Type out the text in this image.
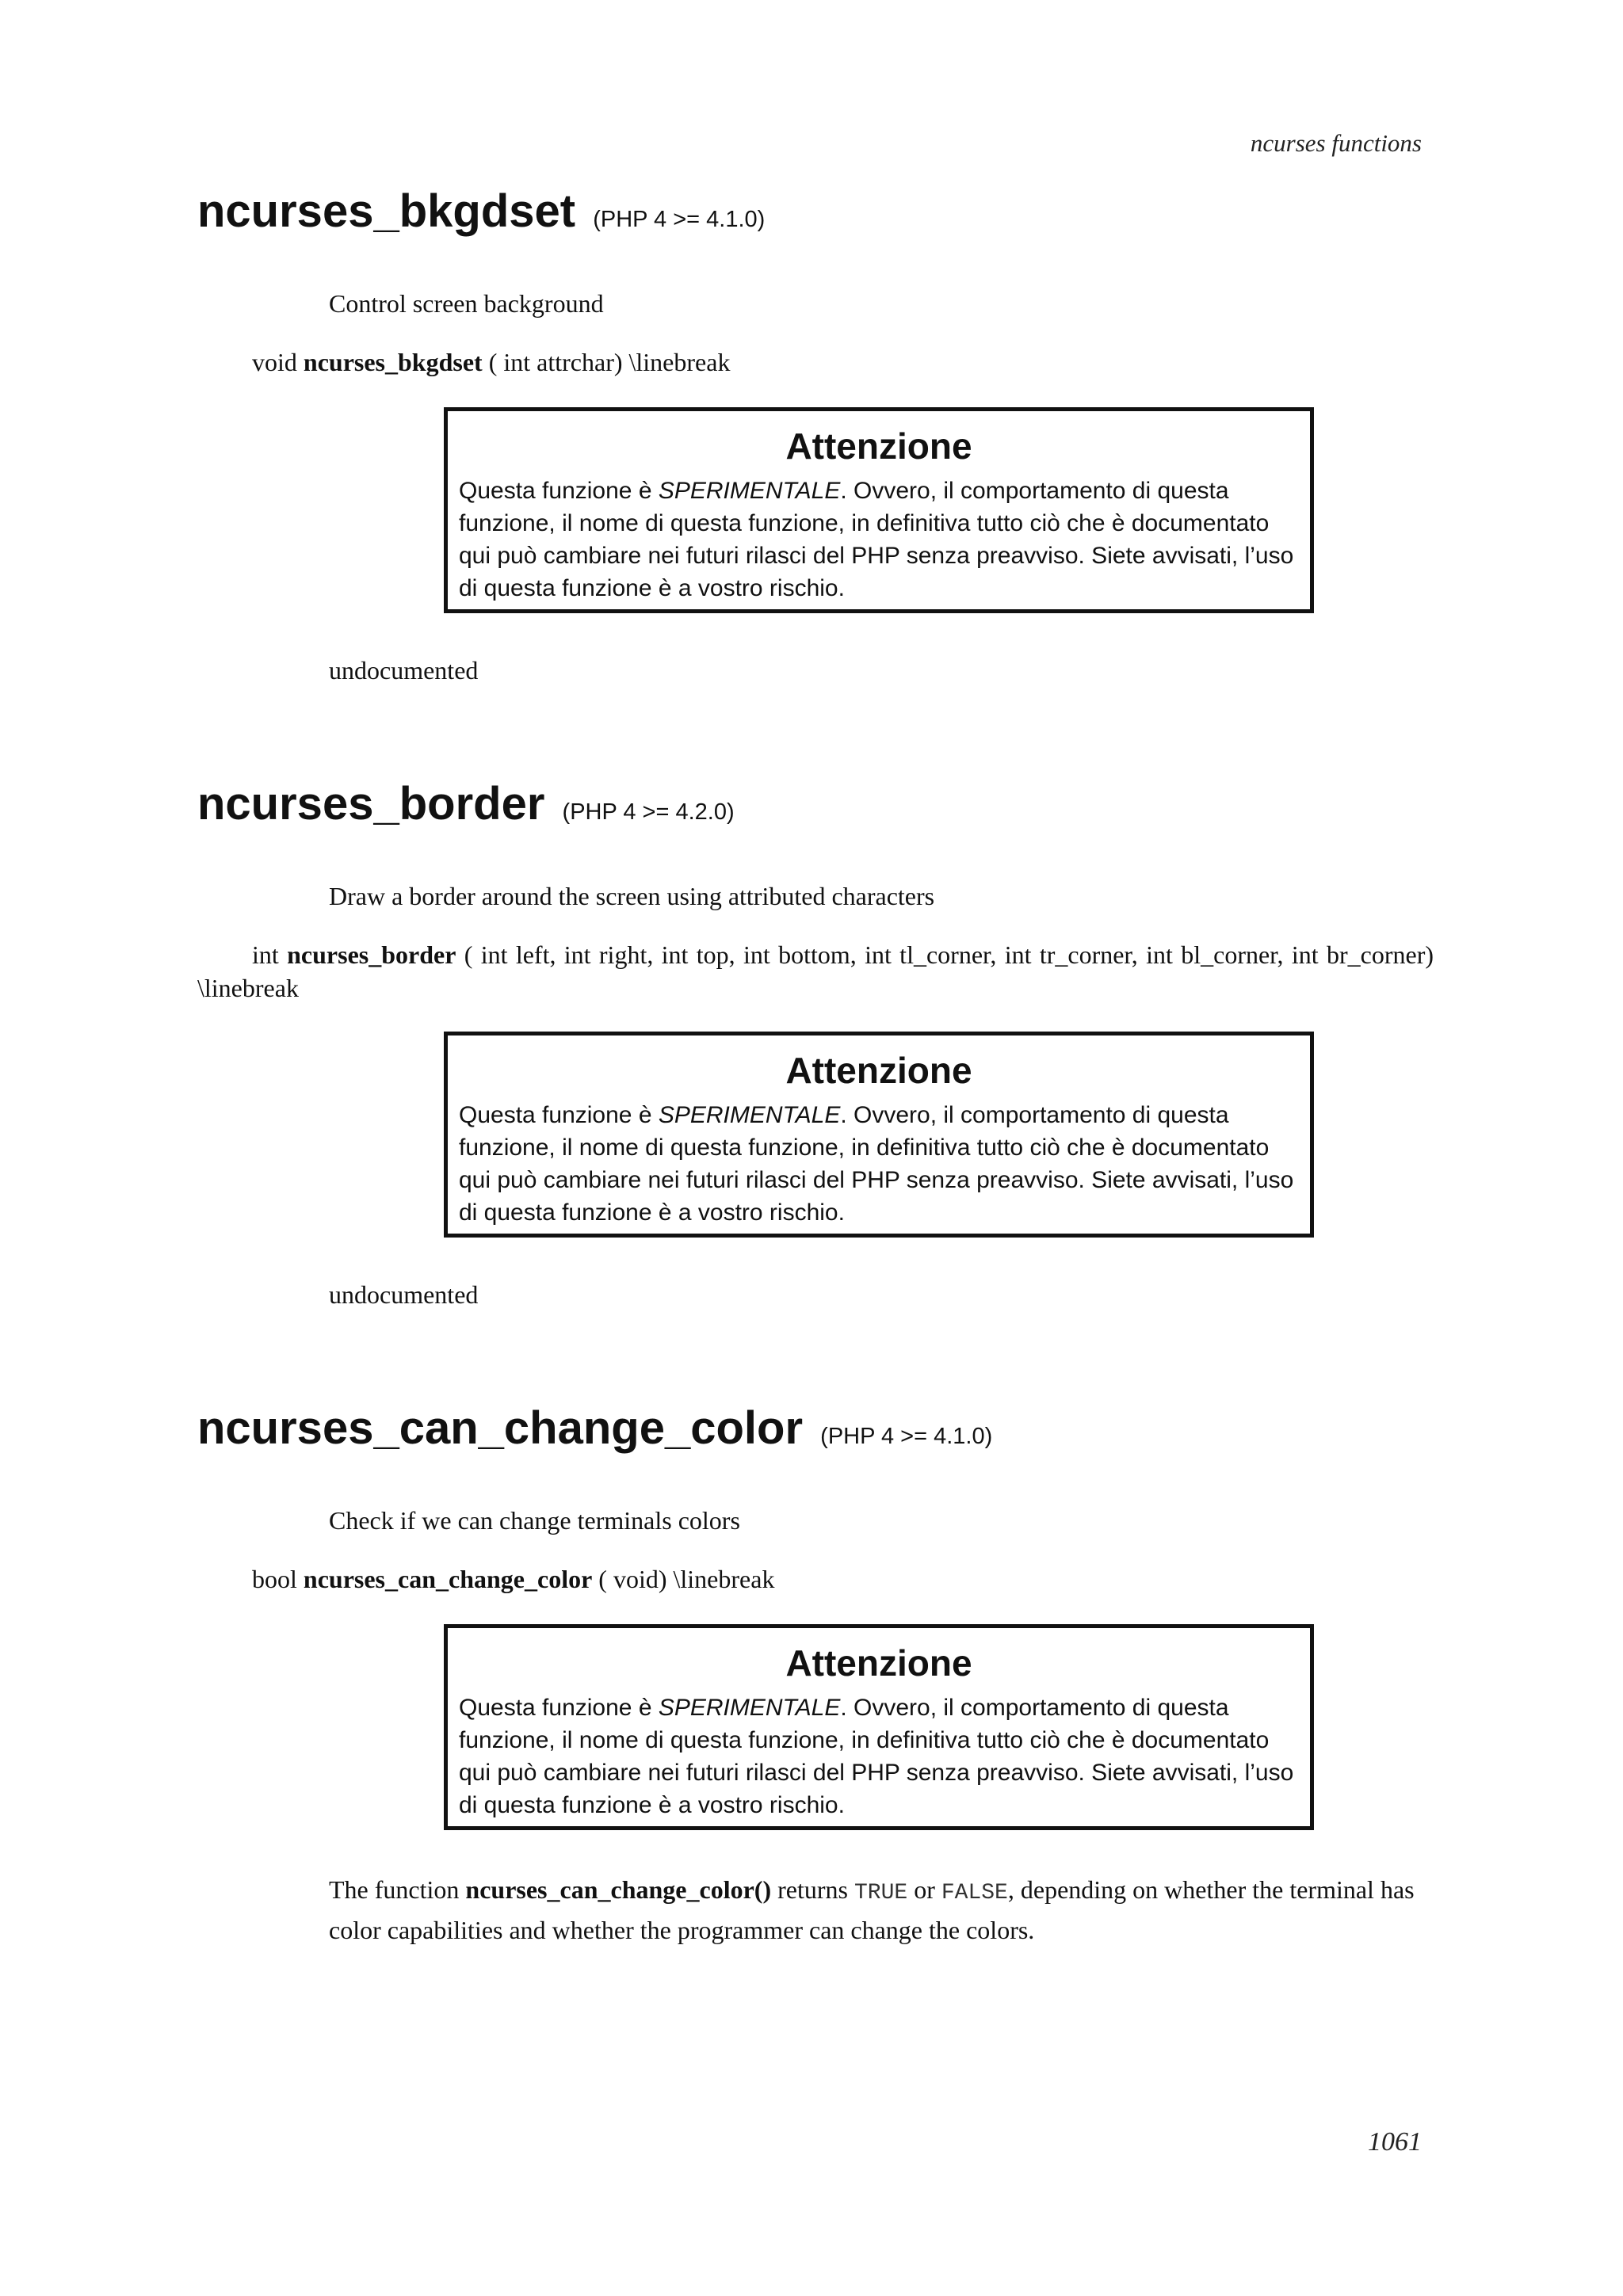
ncurses functions
ncurses_bkgdset (PHP 4 >= 4.1.0)
Control screen background
void ncurses_bkgdset ( int attrchar) \linebreak
Attenzione
Questa funzione è SPERIMENTALE. Ovvero, il comportamento di questa funzione, il nome di questa funzione, in definitiva tutto ciò che è documentato qui può cambiare nei futuri rilasci del PHP senza preavviso. Siete avvisati, l’uso di questa funzione è a vostro rischio.
undocumented
ncurses_border (PHP 4 >= 4.2.0)
Draw a border around the screen using attributed characters
int ncurses_border ( int left, int right, int top, int bottom, int tl_corner, int tr_corner, int bl_corner, int br_corner) \linebreak
Attenzione
Questa funzione è SPERIMENTALE. Ovvero, il comportamento di questa funzione, il nome di questa funzione, in definitiva tutto ciò che è documentato qui può cambiare nei futuri rilasci del PHP senza preavviso. Siete avvisati, l’uso di questa funzione è a vostro rischio.
undocumented
ncurses_can_change_color (PHP 4 >= 4.1.0)
Check if we can change terminals colors
bool ncurses_can_change_color ( void) \linebreak
Attenzione
Questa funzione è SPERIMENTALE. Ovvero, il comportamento di questa funzione, il nome di questa funzione, in definitiva tutto ciò che è documentato qui può cambiare nei futuri rilasci del PHP senza preavviso. Siete avvisati, l’uso di questa funzione è a vostro rischio.
The function ncurses_can_change_color() returns TRUE or FALSE, depending on whether the terminal has color capabilities and whether the programmer can change the colors.
1061
